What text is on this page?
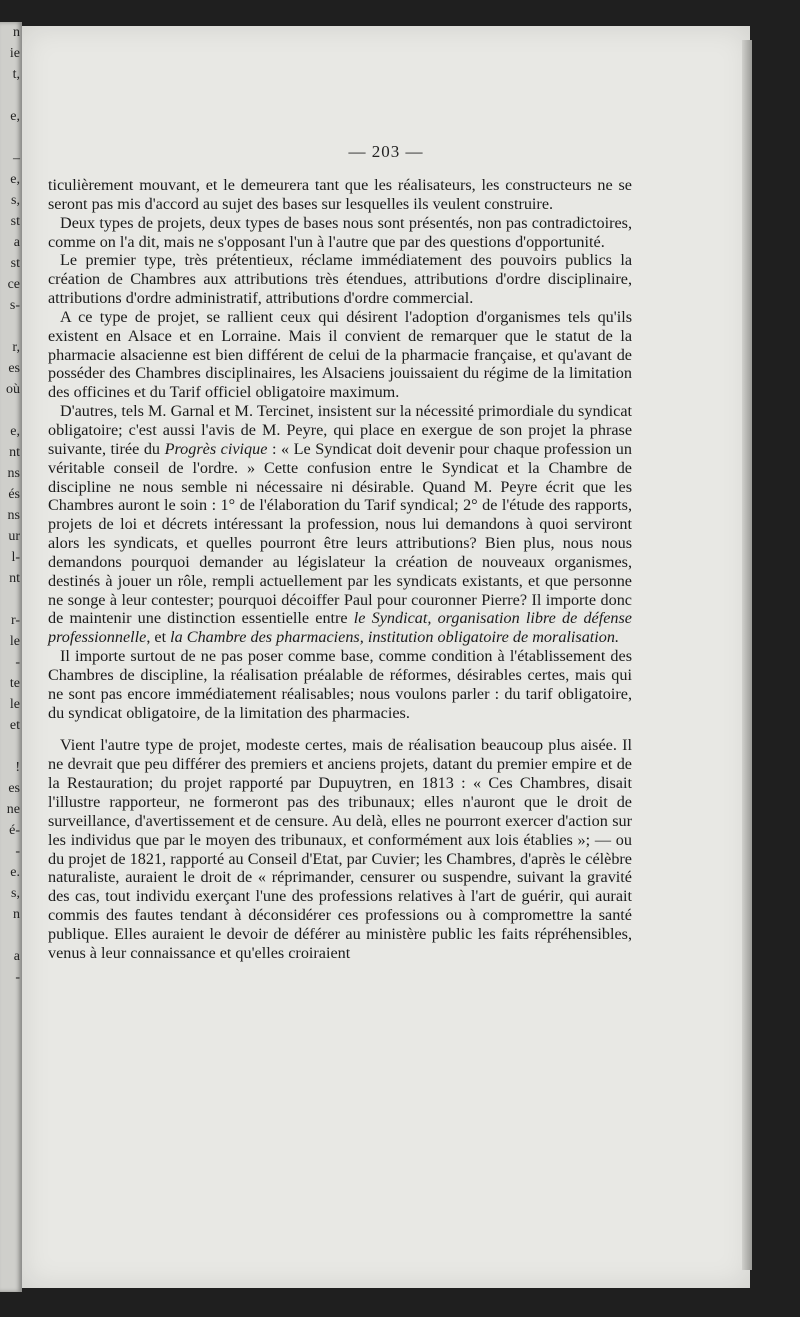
n
ie
t,

e,

–
e,
s,
st
a
st
ce
s-

r,
es
où

e,
nt
ns
és
ns
ur
l-
nt

r-
le
-
te
le
et

!
es
ne
é-
-
e.
s,
n

a
-
— 203 —

ticulièrement mouvant, et le demeurera tant que les réalisateurs, les constructeurs ne se seront pas mis d'accord au sujet des bases sur lesquelles ils veulent construire.

Deux types de projets, deux types de bases nous sont présentés, non pas contradictoires, comme on l'a dit, mais ne s'opposant l'un à l'autre que par des questions d'opportunité.

Le premier type, très prétentieux, réclame immédiatement des pouvoirs publics la création de Chambres aux attributions très étendues, attributions d'ordre disciplinaire, attributions d'ordre administratif, attributions d'ordre commercial.

A ce type de projet, se rallient ceux qui désirent l'adoption d'organismes tels qu'ils existent en Alsace et en Lorraine. Mais il convient de remarquer que le statut de la pharmacie alsacienne est bien différent de celui de la pharmacie française, et qu'avant de posséder des Chambres disciplinaires, les Alsaciens jouissaient du régime de la limitation des officines et du Tarif officiel obligatoire maximum.

D'autres, tels M. Garnal et M. Tercinet, insistent sur la nécessité primordiale du syndicat obligatoire; c'est aussi l'avis de M. Peyre, qui place en exergue de son projet la phrase suivante, tirée du Progrès civique : « Le Syndicat doit devenir pour chaque profession un véritable conseil de l'ordre. » Cette confusion entre le Syndicat et la Chambre de discipline ne nous semble ni nécessaire ni désirable. Quand M. Peyre écrit que les Chambres auront le soin : 1° de l'élaboration du Tarif syndical; 2° de l'étude des rapports, projets de loi et décrets intéressant la profession, nous lui demandons à quoi serviront alors les syndicats, et quelles pourront être leurs attributions? Bien plus, nous nous demandons pourquoi demander au législateur la création de nouveaux organismes, destinés à jouer un rôle, rempli actuellement par les syndicats existants, et que personne ne songe à leur contester; pourquoi décoiffer Paul pour couronner Pierre? Il importe donc de maintenir une distinction essentielle entre le Syndicat, organisation libre de défense professionnelle, et la Chambre des pharmaciens, institution obligatoire de moralisation.

Il importe surtout de ne pas poser comme base, comme condition à l'établissement des Chambres de discipline, la réalisation préalable de réformes, désirables certes, mais qui ne sont pas encore immédiatement réalisables; nous voulons parler : du tarif obligatoire, du syndicat obligatoire, de la limitation des pharmacies.

Vient l'autre type de projet, modeste certes, mais de réalisation beaucoup plus aisée. Il ne devrait que peu différer des premiers et anciens projets, datant du premier empire et de la Restauration; du projet rapporté par Dupuytren, en 1813 : « Ces Chambres, disait l'illustre rapporteur, ne formeront pas des tribunaux; elles n'auront que le droit de surveillance, d'avertissement et de censure. Au delà, elles ne pourront exercer d'action sur les individus que par le moyen des tribunaux, et conformément aux lois établies »; — ou du projet de 1821, rapporté au Conseil d'Etat, par Cuvier; les Chambres, d'après le célèbre naturaliste, auraient le droit de « réprimander, censurer ou suspendre, suivant la gravité des cas, tout individu exerçant l'une des professions relatives à l'art de guérir, qui aurait commis des fautes tendant à déconsidérer ces professions ou à compromettre la santé publique. Elles auraient le devoir de déférer au ministère public les faits répréhensibles, venus à leur connaissance et qu'elles croiraient
